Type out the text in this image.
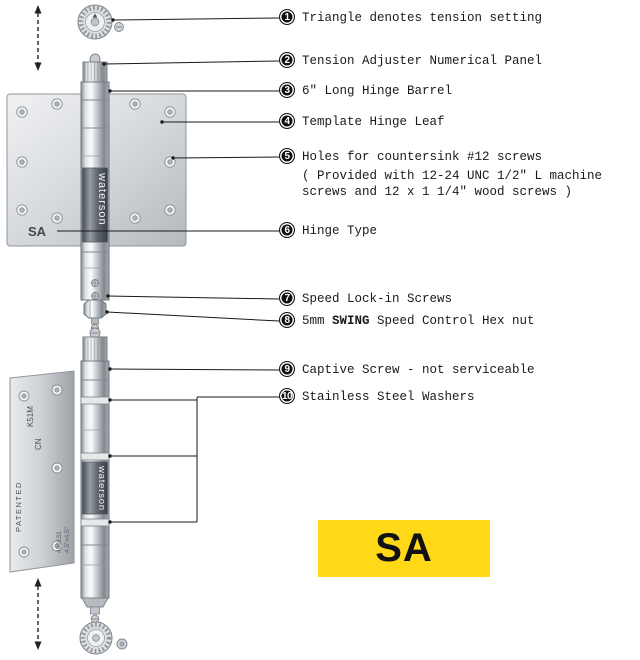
SA
waterson
PATENTED
K51M
CN
409131 4.5"x4.5"
waterson
1 Triangle denotes tension setting
2 Tension Adjuster Numerical Panel
3 6" Long Hinge Barrel
4 Template Hinge Leaf
5 Holes for countersink #12 screws
( Provided with 12-24 UNC 1/2" L machine
screws and 12 x 1 1/4" wood screws )
6 Hinge Type
7 Speed Lock-in Screws
8 5mm SWING Speed Control Hex nut
9 Captive Screw - not serviceable
10 Stainless Steel Washers
SA
